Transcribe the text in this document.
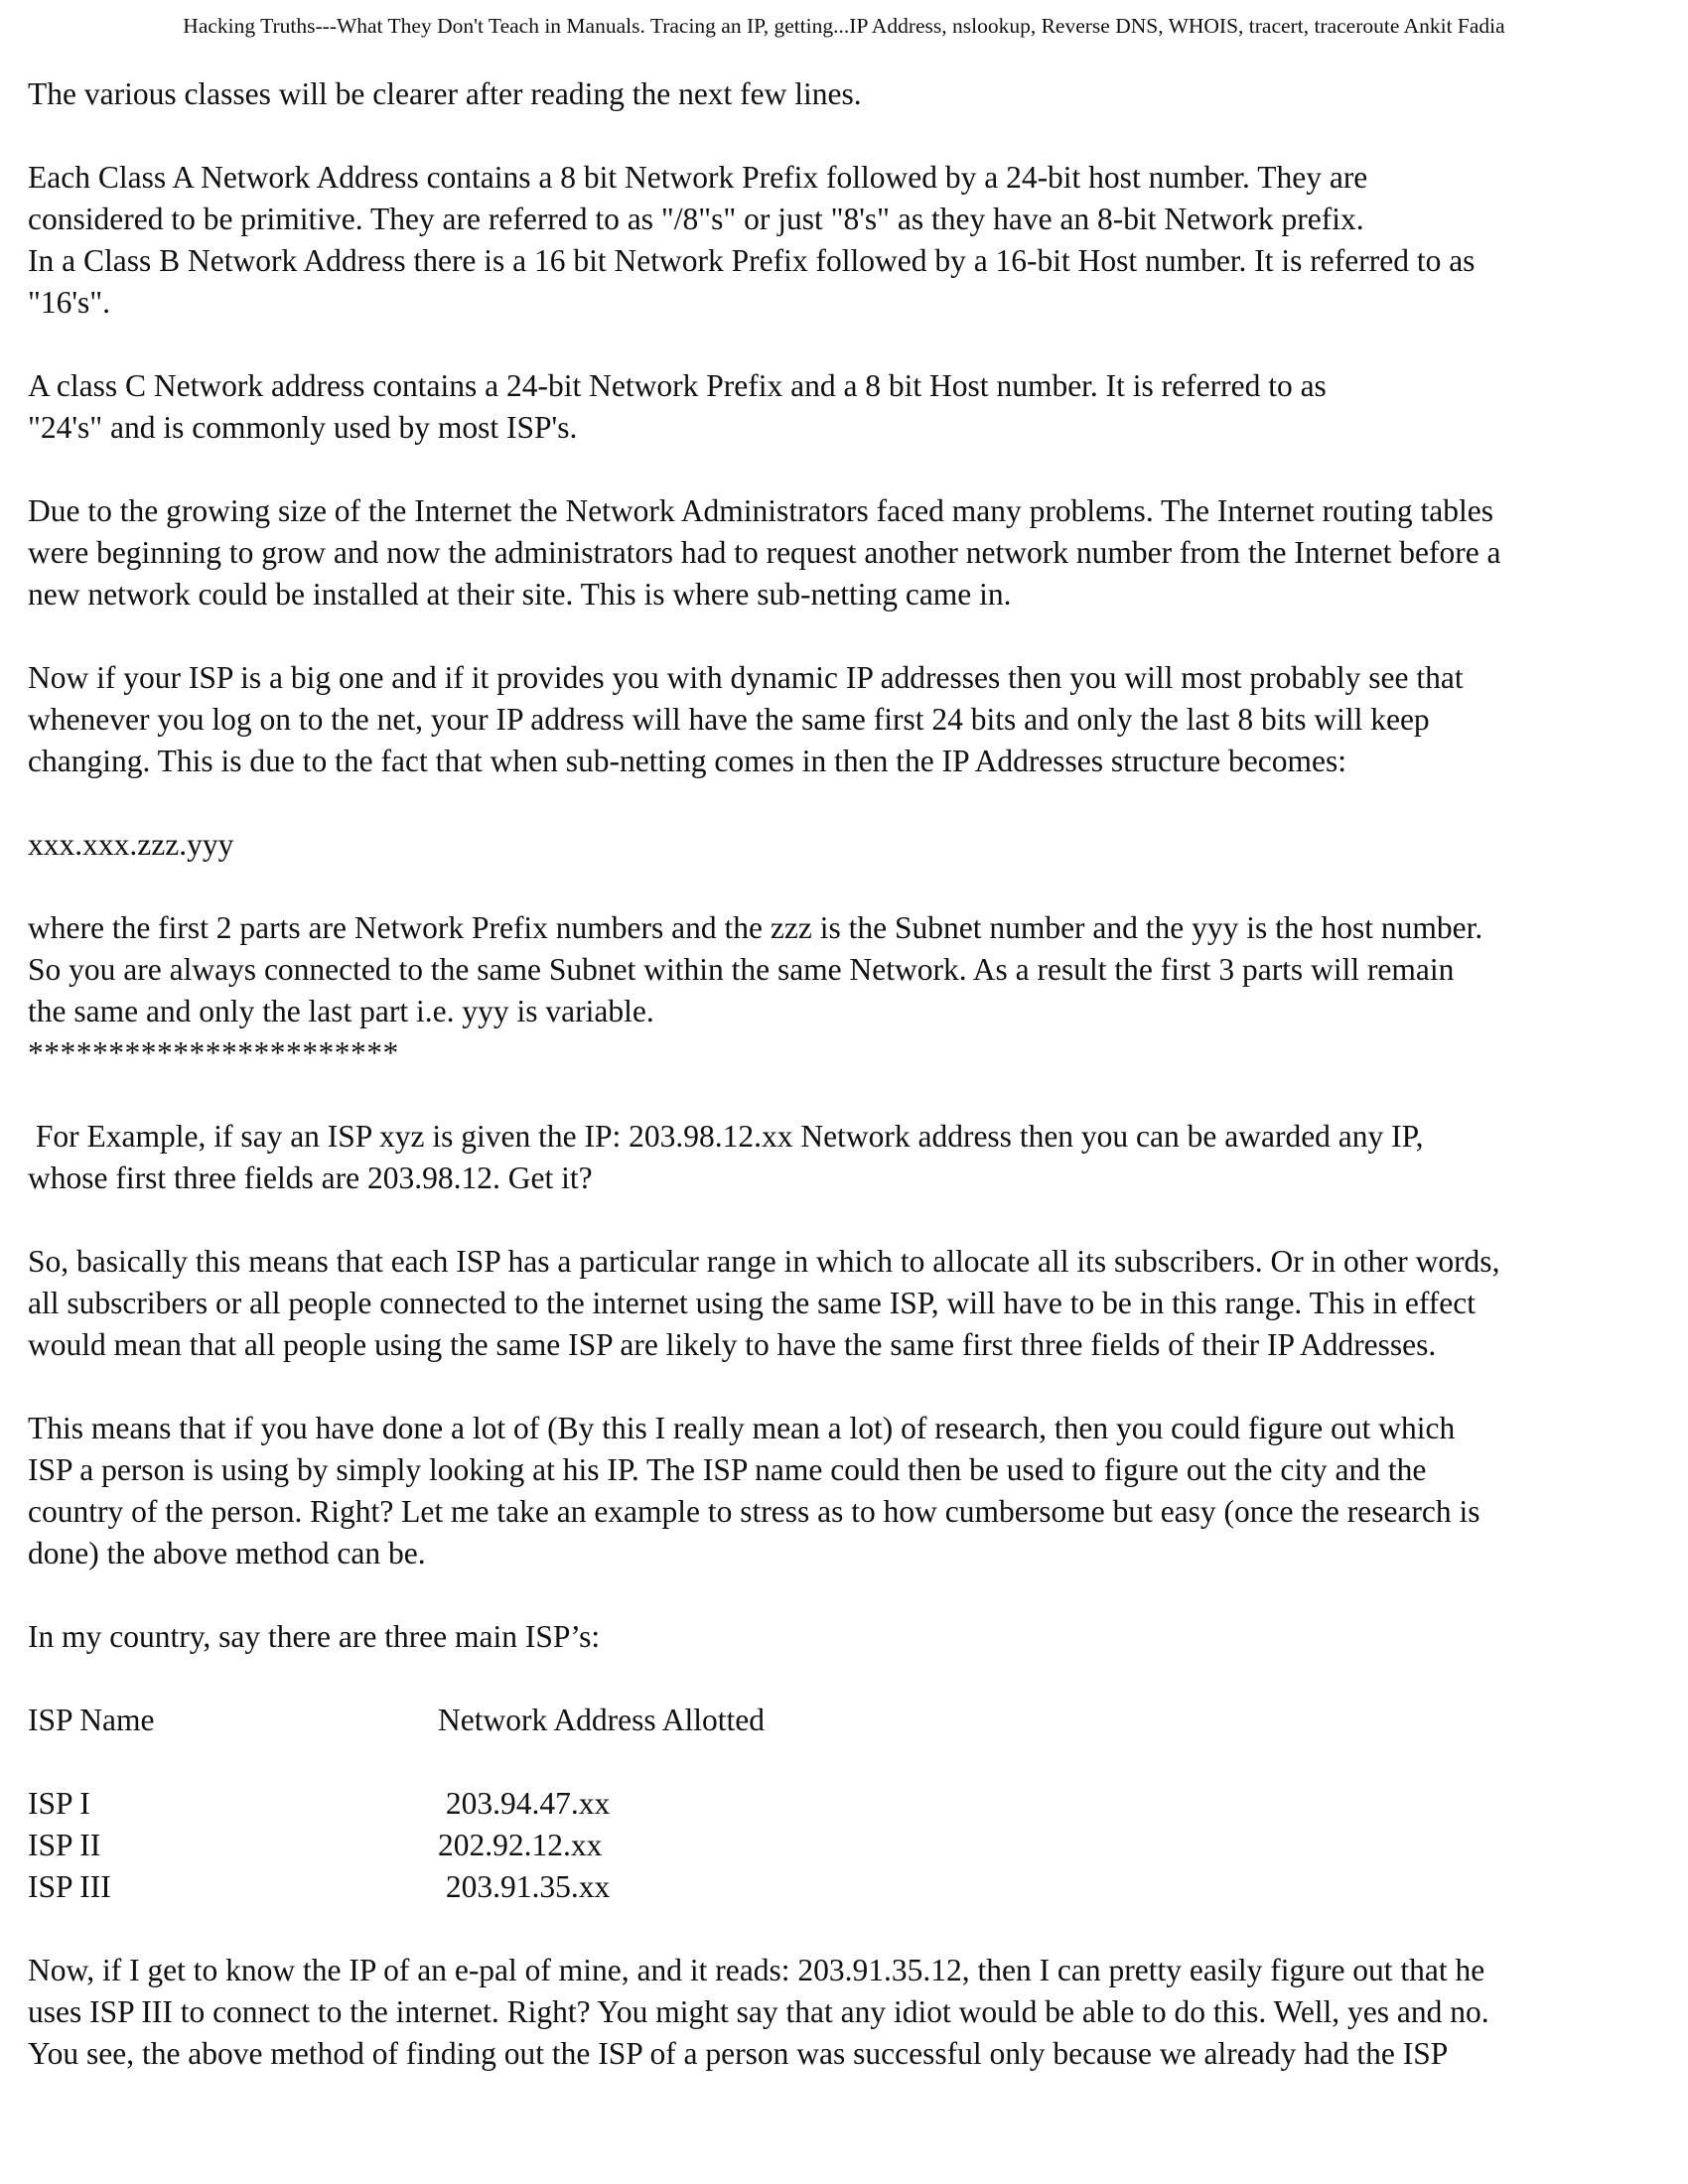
Hacking Truths---What They Don't Teach in Manuals. Tracing an IP, getting...IP Address, nslookup, Reverse DNS, WHOIS, tracert, traceroute Ankit Fadia

The various classes will be clearer after reading the next few lines.

Each Class A Network Address contains a 8 bit Network Prefix followed by a 24-bit host number. They are

considered to be primitive. They are referred to as "/8"s" or just "8's" as they have an 8-bit Network prefix.

In a Class B Network Address there is a 16 bit Network Prefix followed by a 16-bit Host number. It is referred to as

"16's".

A class C Network address contains a 24-bit Network Prefix and a 8 bit Host number. It is referred to as

"24's" and is commonly used by most ISP's.

Due to the growing size of the Internet the Network Administrators faced many problems. The Internet routing tables

were beginning to grow and now the administrators had to request another network number from the Internet before a

new network could be installed at their site. This is where sub-netting came in.

Now if your ISP is a big one and if it provides you with dynamic IP addresses then you will most probably see that

whenever you log on to the net, your IP address will have the same first 24 bits and only the last 8 bits will keep

changing. This is due to the fact that when sub-netting comes in then the IP Addresses structure becomes:

xxx.xxx.zzz.yyy

where the first 2 parts are Network Prefix numbers and the zzz is the Subnet number and the yyy is the host number.

So you are always connected to the same Subnet within the same Network. As a result the first 3 parts will remain

the same and only the last part i.e. yyy is variable.

***********************

For Example, if say an ISP xyz is given the IP: 203.98.12.xx Network address then you can be awarded any IP,

whose first three fields are 203.98.12. Get it?

So, basically this means that each ISP has a particular range in which to allocate all its subscribers. Or in other words,

all subscribers or all people connected to the internet using the same ISP, will have to be in this range. This in effect

would mean that all people using the same ISP are likely to have the same first three fields of their IP Addresses.

This means that if you have done a lot of (By this I really mean a lot) of research, then you could figure out which

ISP a person is using by simply looking at his IP. The ISP name could then be used to figure out the city and the

country of the person. Right? Let me take an example to stress as to how cumbersome but easy (once the research is

done) the above method can be.

In my country, say there are three main ISP’s:

ISP Name	Network Address Allotted
ISP I	203.94.47.xx
ISP II	202.92.12.xx
ISP III	203.91.35.xx

Now, if I get to know the IP of an e-pal of mine, and it reads: 203.91.35.12, then I can pretty easily figure out that he

uses ISP III to connect to the internet. Right? You might say that any idiot would be able to do this. Well, yes and no.

You see, the above method of finding out the ISP of a person was successful only because we already had the ISP
